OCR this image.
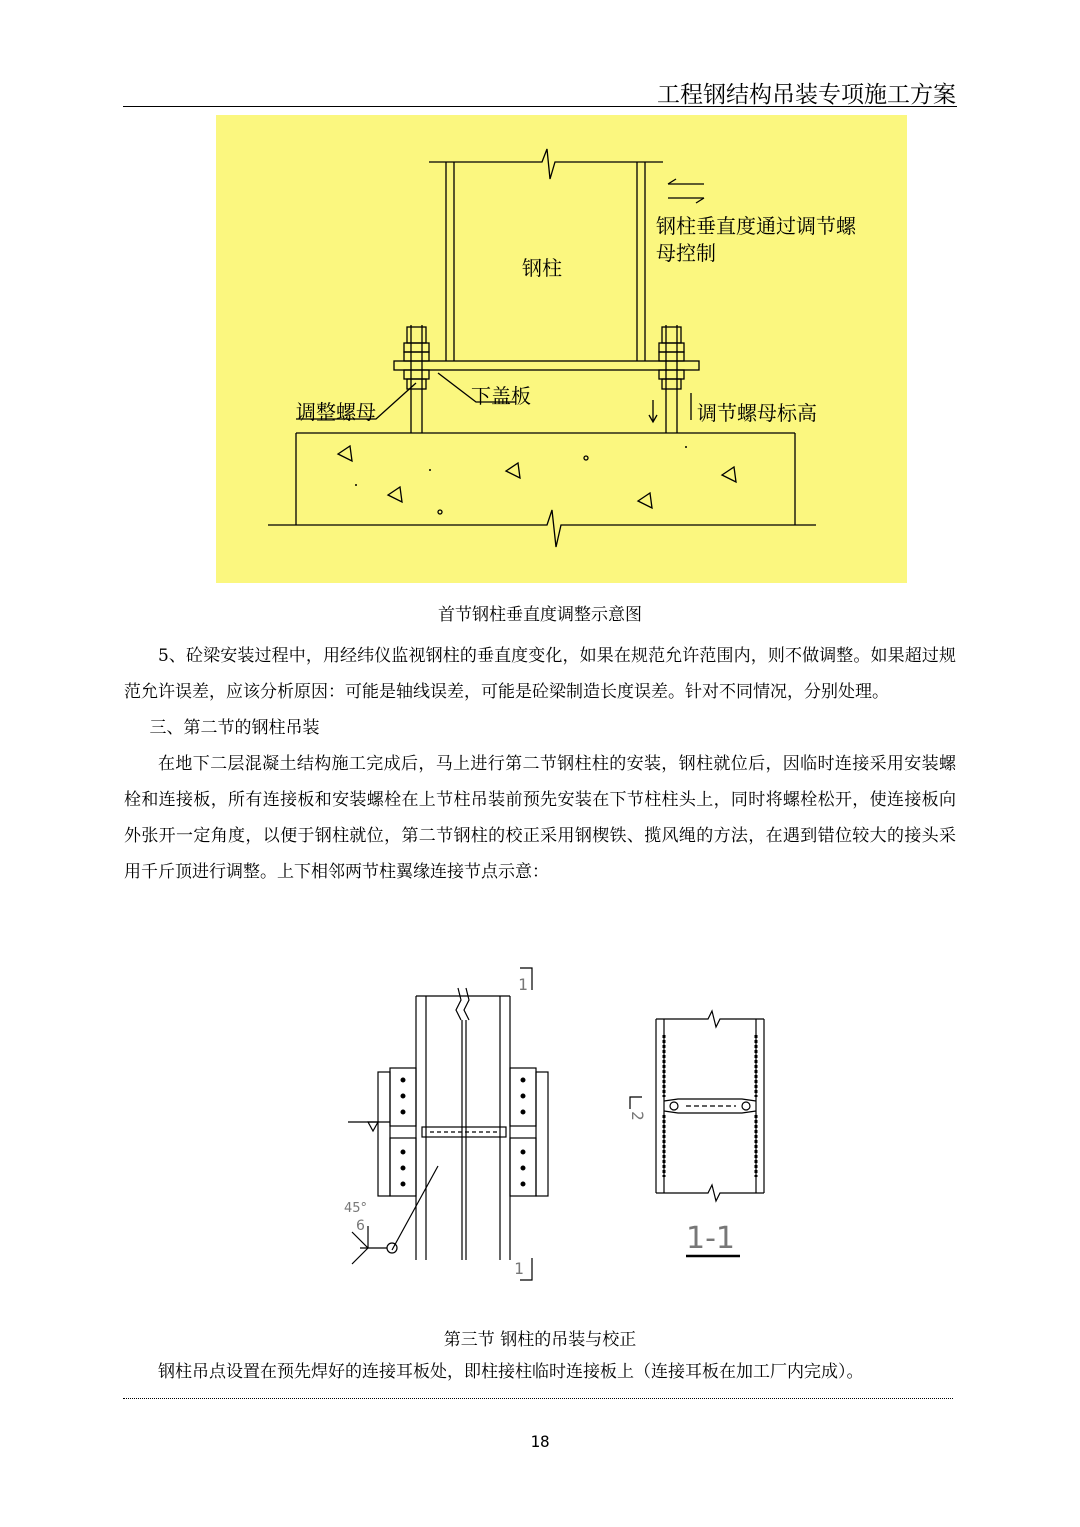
工程钢结构吊装专项施工方案
钢柱
钢柱垂直度通过调节螺
母控制
下盖板
调整螺母	调节螺母标高
首节钢柱垂直度调整示意图

5、砼梁安装过程中，用经纬仪监视钢柱的垂直度变化，如果在规范允许范围内，则不做调整。如果超过规范允许误差，应该分析原因：可能是轴线误差，可能是砼梁制造长度误差。针对不同情况，分别处理。

三、第二节的钢柱吊装

在地下二层混凝土结构施工完成后，马上进行第二节钢柱柱的安装，钢柱就位后，因临时连接采用安装螺栓和连接板，所有连接板和安装螺栓在上节柱吊装前预先安装在下节柱柱头上，同时将螺栓松开，使连接板向外张开一定角度，以便于钢柱就位，第二节钢柱的校正采用钢楔铁、揽风绳的方法，在遇到错位较大的接头采用千斤顶进行调整。上下相邻两节柱翼缘连接节点示意：

1
1
45°
6
2
1-1
第三节 钢柱的吊装与校正

钢柱吊点设置在预先焊好的连接耳板处，即柱接柱临时连接板上（连接耳板在加工厂内完成）。

18
